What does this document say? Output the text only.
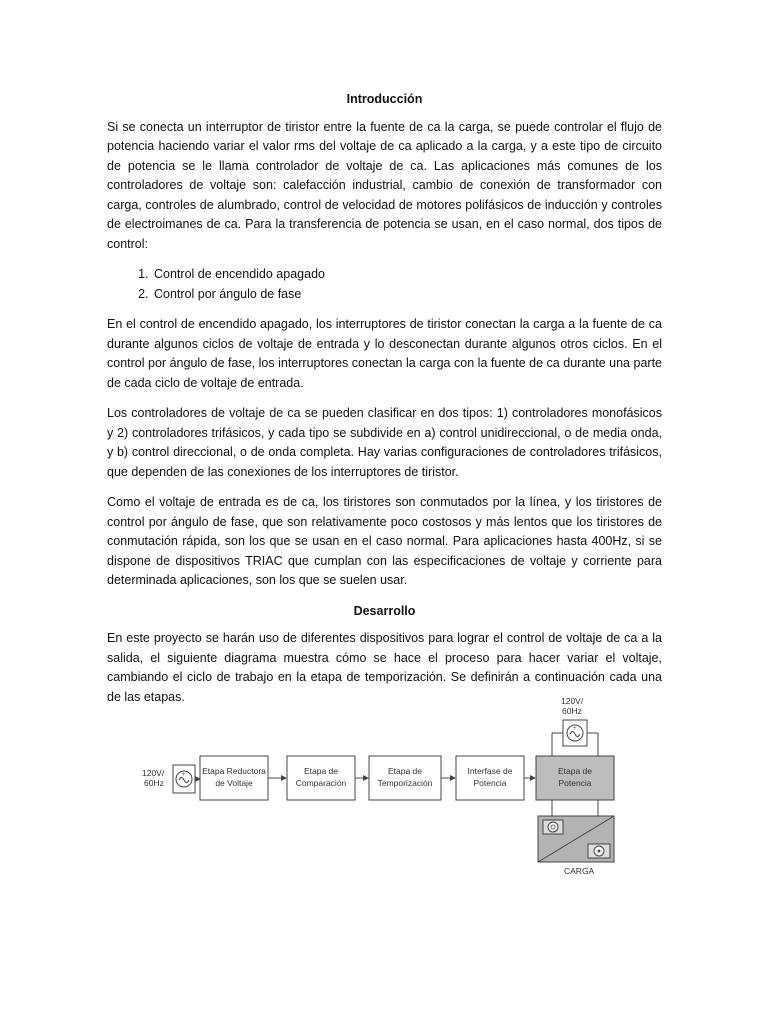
Introducción

Si se conecta un interruptor de tiristor entre la fuente de ca la carga, se puede controlar el flujo de potencia haciendo variar el valor rms del voltaje de ca aplicado a la carga, y a este tipo de circuito de potencia se le llama controlador de voltaje de ca. Las aplicaciones más comunes de los controladores de voltaje son: calefacción industrial, cambio de conexión de transformador con carga, controles de alumbrado, control de velocidad de motores polifásicos de inducción y controles de electroimanes de ca. Para la transferencia de potencia se usan, en el caso normal, dos tipos de control:

1. Control de encendido apagado
2. Control por ángulo de fase

En el control de encendido apagado, los interruptores de tiristor conectan la carga a la fuente de ca durante algunos ciclos de voltaje de entrada y lo desconectan durante algunos otros ciclos. En el control por ángulo de fase, los interruptores conectan la carga con la fuente de ca durante una parte de cada ciclo de voltaje de entrada.

Los controladores de voltaje de ca se pueden clasificar en dos tipos: 1) controladores monofásicos y 2) controladores trifásicos, y cada tipo se subdivide en a) control unidireccional, o de media onda, y b) control direccional, o de onda completa. Hay varias configuraciones de controladores trifásicos, que dependen de las conexiones de los interruptores de tiristor.

Como el voltaje de entrada es de ca, los tiristores son conmutados por la línea, y los tiristores de control por ángulo de fase, que son relativamente poco costosos y más lentos que los tiristores de conmutación rápida, son los que se usan en el caso normal. Para aplicaciones hasta 400Hz, si se dispone de dispositivos TRIAC que cumplan con las especificaciones de voltaje y corriente para determinada aplicaciones, son los que se suelen usar.

Desarrollo

En este proyecto se harán uso de diferentes dispositivos para lograr el control de voltaje de ca a la salida, el siguiente diagrama muestra cómo se hace el proceso para hacer variar el voltaje, cambiando el ciclo de trabajo en la etapa de temporización. Se definirán a continuación cada una de las etapas.

120V/
60Hz
+ Etapa Reductora
de Voltaje
Etapa de
Comparación
Etapa de
Temporización
Interfase de
Potencia
Etapa de
Potencia
120V/
60Hz
+
CARGA
